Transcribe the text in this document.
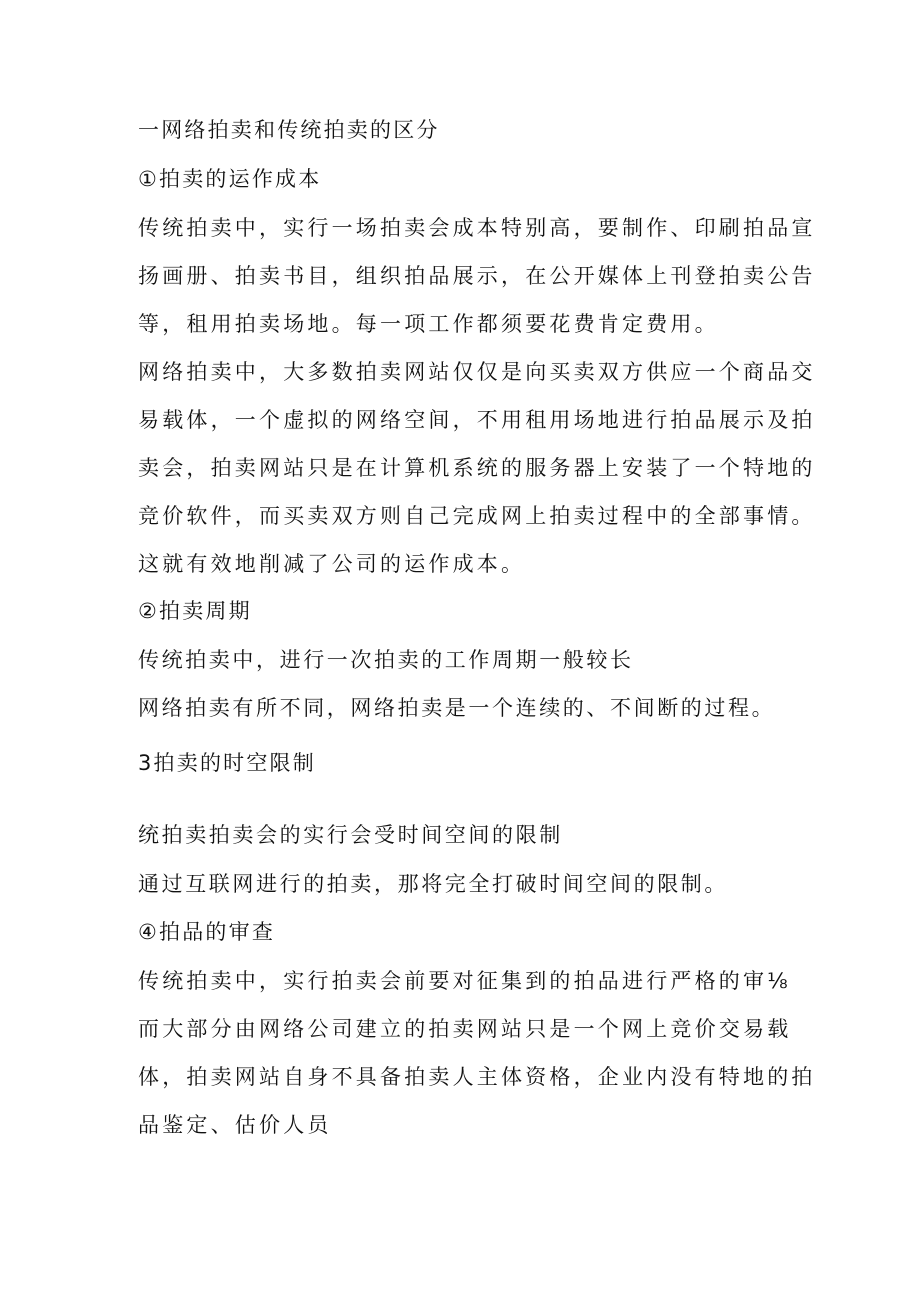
一网络拍卖和传统拍卖的区分
①拍卖的运作成本
传统拍卖中，实行一场拍卖会成本特别高，要制作、印刷拍品宣
扬画册、拍卖书目，组织拍品展示，在公开媒体上刊登拍卖公告
等，租用拍卖场地。每一项工作都须要花费肯定费用。
网络拍卖中，大多数拍卖网站仅仅是向买卖双方供应一个商品交
易载体，一个虚拟的网络空间，不用租用场地进行拍品展示及拍
卖会，拍卖网站只是在计算机系统的服务器上安装了一个特地的
竞价软件，而买卖双方则自己完成网上拍卖过程中的全部事情。
这就有效地削减了公司的运作成本。
②拍卖周期
传统拍卖中，进行一次拍卖的工作周期一般较长
网络拍卖有所不同，网络拍卖是一个连续的、不间断的过程。
3拍卖的时空限制
统拍卖拍卖会的实行会受时间空间的限制
通过互联网进行的拍卖，那将完全打破时间空间的限制。
④拍品的审查
传统拍卖中，实行拍卖会前要对征集到的拍品进行严格的审⅛
而大部分由网络公司建立的拍卖网站只是一个网上竞价交易载
体，拍卖网站自身不具备拍卖人主体资格，企业内没有特地的拍
品鉴定、估价人员
